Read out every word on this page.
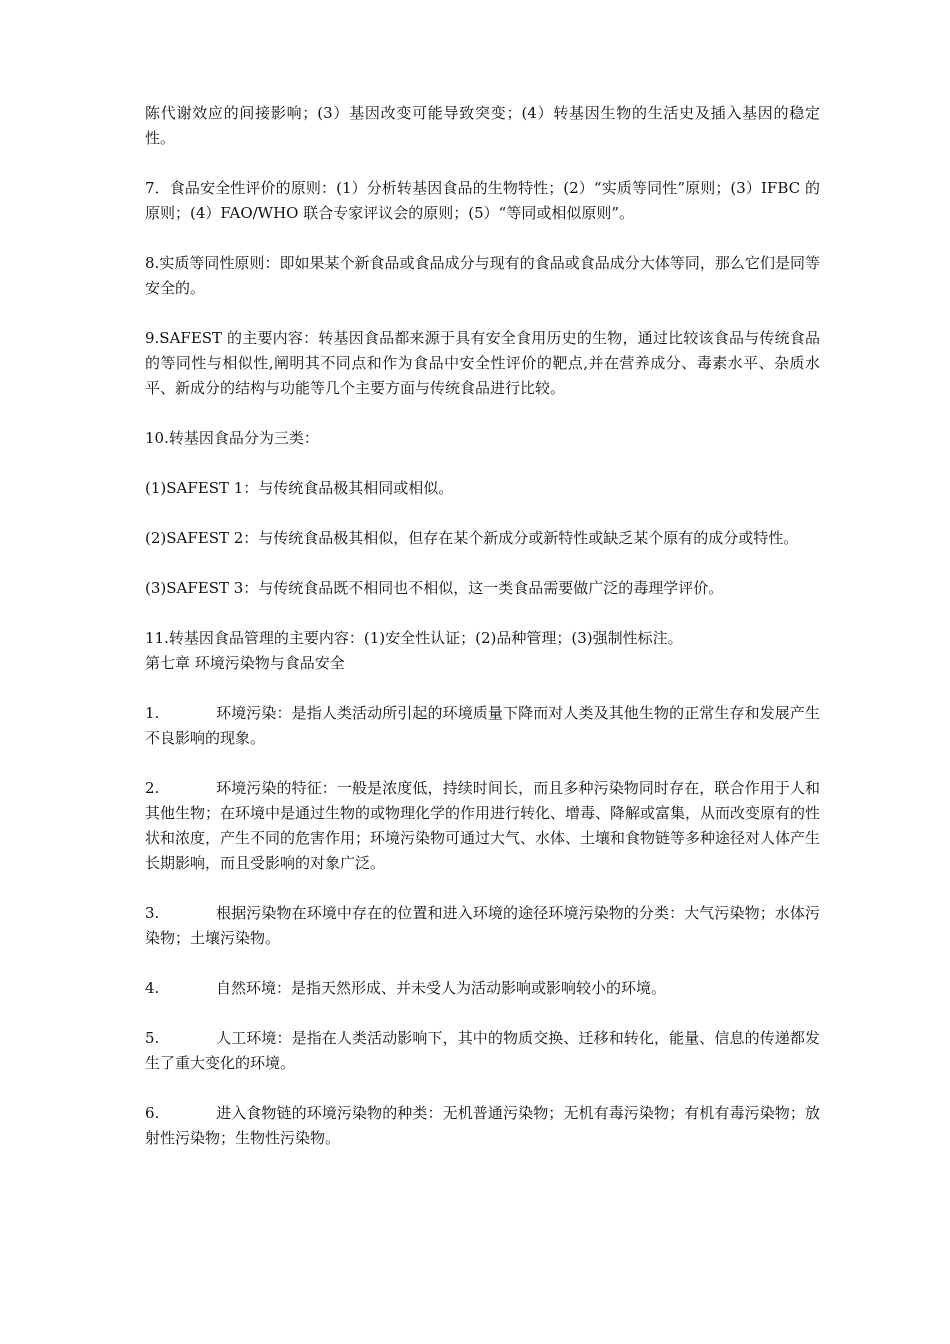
陈代谢效应的间接影响；(3）基因改变可能导致突变；(4）转基因生物的生活史及插入基因的稳定性。

7．食品安全性评价的原则：(1）分析转基因食品的生物特性；(2）“实质等同性”原则；(3）IFBC 的原则；(4）FAO/WHO 联合专家评议会的原则；(5）“等同或相似原则”。

8.实质等同性原则：即如果某个新食品或食品成分与现有的食品或食品成分大体等同，那么它们是同等安全的。

9.SAFEST 的主要内容：转基因食品都来源于具有安全食用历史的生物，通过比较该食品与传统食品的等同性与相似性,阐明其不同点和作为食品中安全性评价的靶点,并在营养成分、毒素水平、杂质水平、新成分的结构与功能等几个主要方面与传统食品进行比较。

10.转基因食品分为三类：

(1)SAFEST 1：与传统食品极其相同或相似。

(2)SAFEST 2：与传统食品极其相似，但存在某个新成分或新特性或缺乏某个原有的成分或特性。

(3)SAFEST 3：与传统食品既不相同也不相似，这一类食品需要做广泛的毒理学评价。

11.转基因食品管理的主要内容：(1)安全性认证；(2)品种管理；(3)强制性标注。

第七章 环境污染物与食品安全

1.	环境污染：是指人类活动所引起的环境质量下降而对人类及其他生物的正常生存和发展产生不良影响的现象。

2.	环境污染的特征：一般是浓度低，持续时间长，而且多种污染物同时存在，联合作用于人和其他生物；在环境中是通过生物的或物理化学的作用进行转化、增毒、降解或富集，从而改变原有的性状和浓度，产生不同的危害作用；环境污染物可通过大气、水体、土壤和食物链等多种途径对人体产生长期影响，而且受影响的对象广泛。

3.	根据污染物在环境中存在的位置和进入环境的途径环境污染物的分类：大气污染物；水体污染物；土壤污染物。

4.	自然环境：是指天然形成、并未受人为活动影响或影响较小的环境。

5.	人工环境：是指在人类活动影响下，其中的物质交换、迁移和转化，能量、信息的传递都发生了重大变化的环境。

6.	进入食物链的环境污染物的种类：无机普通污染物；无机有毒污染物；有机有毒污染物；放射性污染物；生物性污染物。
